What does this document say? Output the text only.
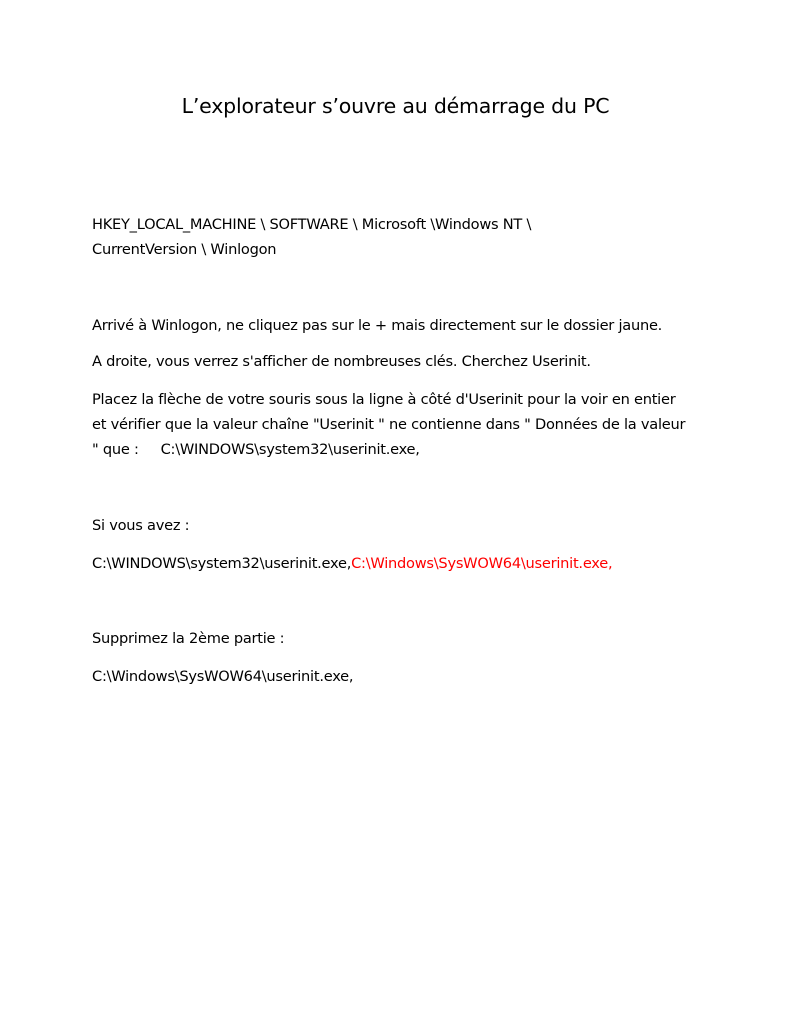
L’explorateur s’ouvre au démarrage du PC

HKEY_LOCAL_MACHINE \ SOFTWARE \ Microsoft \Windows NT \
CurrentVersion \ Winlogon

Arrivé à Winlogon, ne cliquez pas sur le + mais directement sur le dossier jaune.

A droite, vous verrez s'afficher de nombreuses clés. Cherchez Userinit.

Placez la flèche de votre souris sous la ligne à côté d'Userinit pour la voir en entier
et vérifier que la valeur chaîne "Userinit " ne contienne dans " Données de la valeur
" que :     C:\WINDOWS\system32\userinit.exe,

Si vous avez :

C:\WINDOWS\system32\userinit.exe,C:\Windows\SysWOW64\userinit.exe,

Supprimez la 2ème partie :

C:\Windows\SysWOW64\userinit.exe,
